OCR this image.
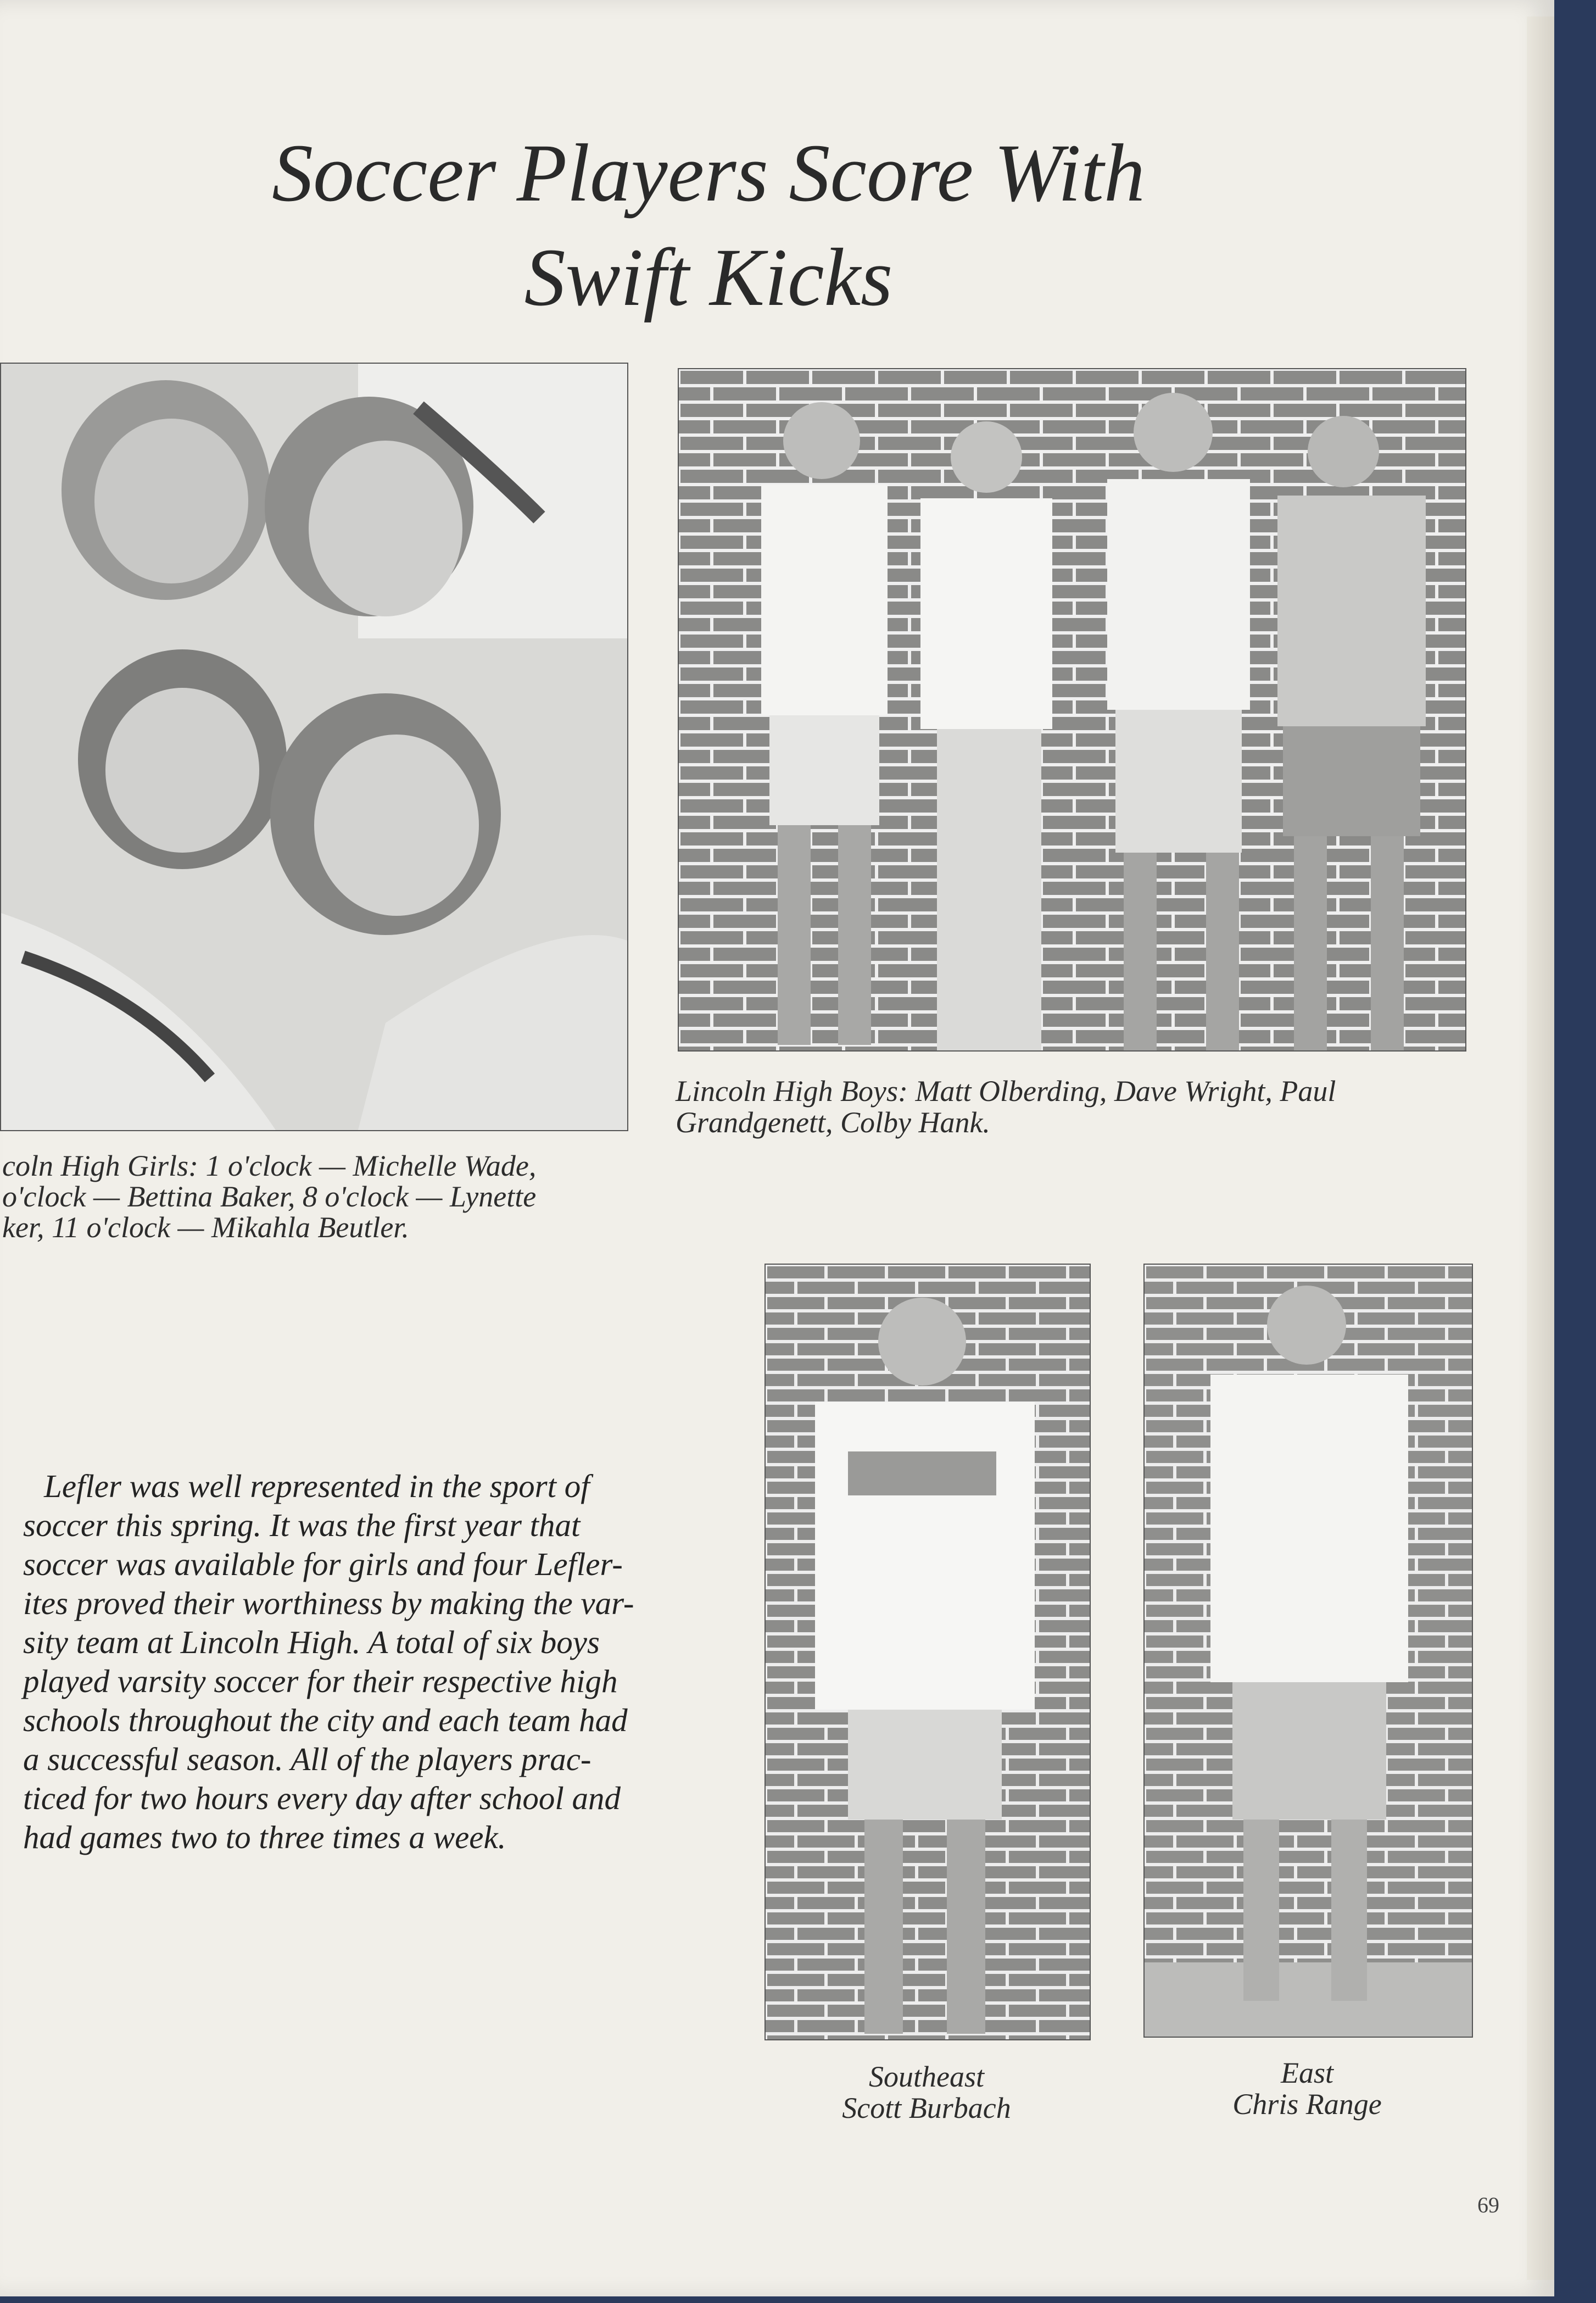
Soccer Players Score With
Swift Kicks
Lincoln High Boys: Matt Olberding, Dave Wright, Paul
Grandgenett, Colby Hank.
coln High Girls: 1 o'clock — Michelle Wade,
o'clock — Bettina Baker, 8 o'clock — Lynette
ker, 11 o'clock — Mikahla Beutler.
Southeast
Scott Burbach
East
Chris Range
Lefler was well represented in the sport of
soccer this spring. It was the first year that
soccer was available for girls and four Lefler-
ites proved their worthiness by making the var-
sity team at Lincoln High. A total of six boys
played varsity soccer for their respective high
schools throughout the city and each team had
a successful season. All of the players prac-
ticed for two hours every day after school and
had games two to three times a week.
69
